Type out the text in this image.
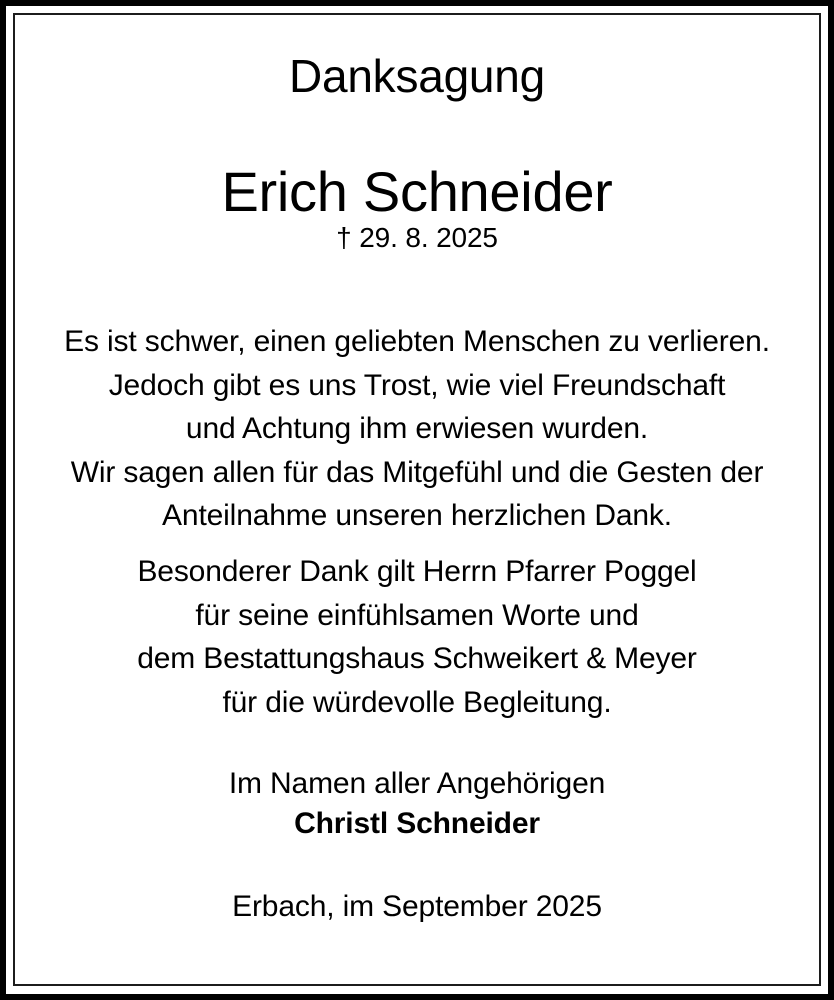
Danksagung
Erich Schneider
† 29. 8. 2025
Es ist schwer, einen geliebten Menschen zu verlieren.
Jedoch gibt es uns Trost, wie viel Freundschaft
und Achtung ihm erwiesen wurden.
Wir sagen allen für das Mitgefühl und die Gesten der
Anteilnahme unseren herzlichen Dank.
Besonderer Dank gilt Herrn Pfarrer Poggel
für seine einfühlsamen Worte und
dem Bestattungshaus Schweikert & Meyer
für die würdevolle Begleitung.
Im Namen aller Angehörigen
Christl Schneider
Erbach, im September 2025
